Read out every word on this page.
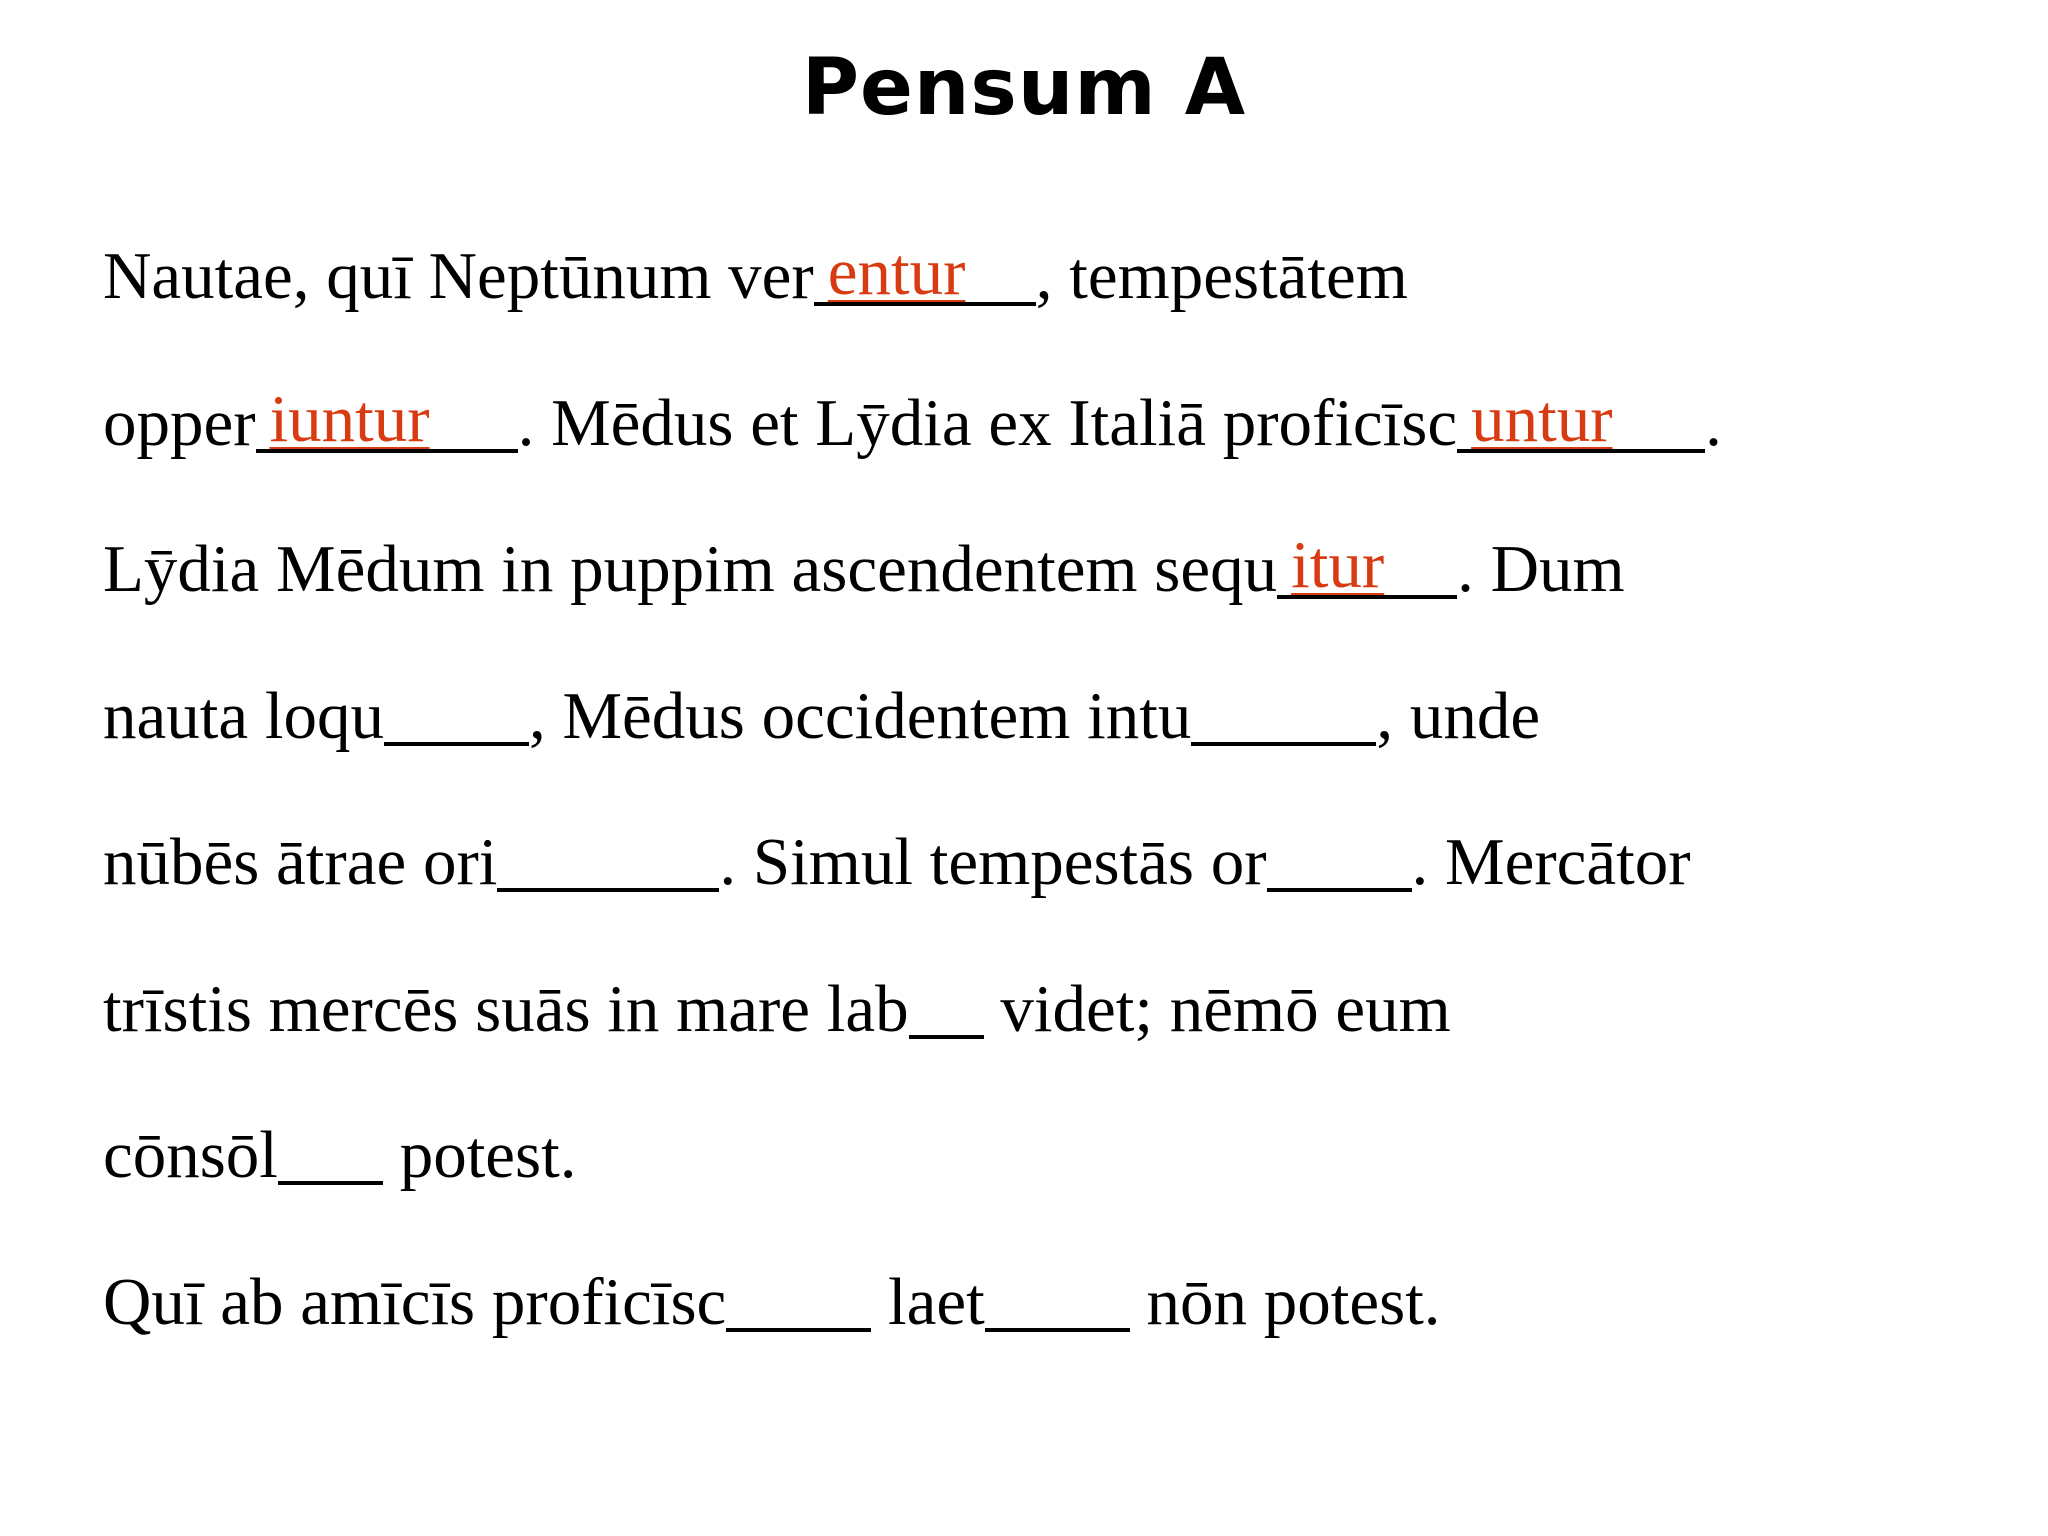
Pensum A
Nautae, quī Neptūnum ver entur , tempestātem
opper iuntur . Mēdus et Lȳdia ex Italiā proficīsc untur .
Lȳdia Mēdum in puppim ascendentem sequ itur . Dum
nauta loqu , Mēdus occidentem intu	, unde
nūbēs ātrae ori	. Simul tempestās or . Mercātor
trīstis mercēs suās in mare lab videt; nēmō eum
cōnsōl potest.
Quī ab amīcīs proficīsc laet nōn potest.
